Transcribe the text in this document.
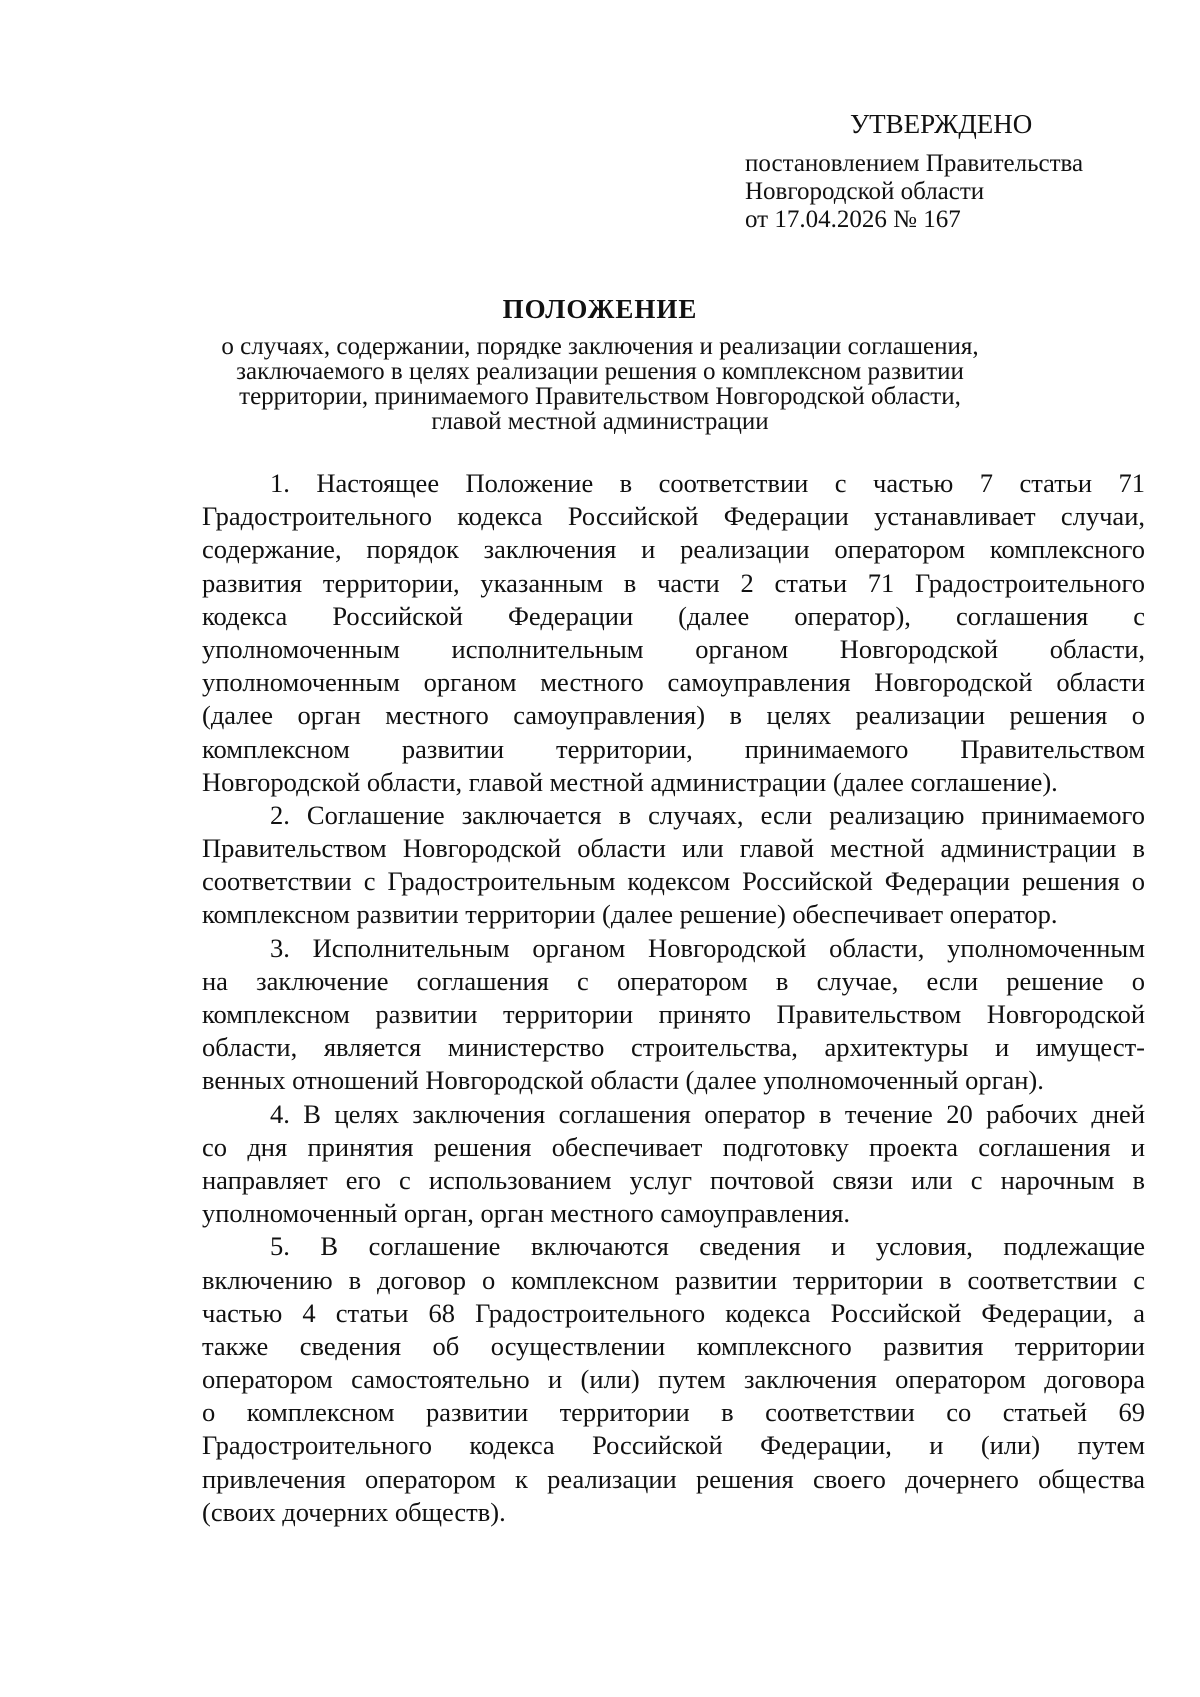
УТВЕРЖДЕНО
постановлением Правительства
Новгородской области
от 17.04.2026 № 167
ПОЛОЖЕНИЕ
о случаях, содержании, порядке заключения и реализации соглашения,
заключаемого в целях реализации решения о комплексном развитии
территории, принимаемого Правительством Новгородской области,
главой местной администрации
1. Настоящее Положение в соответствии с частью 7 статьи 71
Градостроительного кодекса Российской Федерации устанавливает случаи,
содержание, порядок заключения и реализации оператором комплексного
развития территории, указанным в части 2 статьи 71 Градостроительного
кодекса Российской Федерации (далее оператор), соглашения с
уполномоченным исполнительным органом Новгородской области,
уполномоченным органом местного самоуправления Новгородской области
(далее орган местного самоуправления) в целях реализации решения о
комплексном развитии территории, принимаемого Правительством
Новгородской области, главой местной администрации (далее соглашение).
2. Соглашение заключается в случаях, если реализацию принимаемого
Правительством Новгородской области или главой местной администрации в
соответствии с Градостроительным кодексом Российской Федерации решения о
комплексном развитии территории (далее решение) обеспечивает оператор.
3. Исполнительным органом Новгородской области, уполномоченным
на заключение соглашения с оператором в случае, если решение о
комплексном развитии территории принято Правительством Новгородской
области, является министерство строительства, архитектуры и имущест-
венных отношений Новгородской области (далее уполномоченный орган).
4. В целях заключения соглашения оператор в течение 20 рабочих дней
со дня принятия решения обеспечивает подготовку проекта соглашения и
направляет его с использованием услуг почтовой связи или с нарочным в
уполномоченный орган, орган местного самоуправления.
5. В соглашение включаются сведения и условия, подлежащие
включению в договор о комплексном развитии территории в соответствии с
частью 4 статьи 68 Градостроительного кодекса Российской Федерации, а
также сведения об осуществлении комплексного развития территории
оператором самостоятельно и (или) путем заключения оператором договора
о комплексном развитии территории в соответствии со статьей 69
Градостроительного кодекса Российской Федерации, и (или) путем
привлечения оператором к реализации решения своего дочернего общества
(своих дочерних обществ).
